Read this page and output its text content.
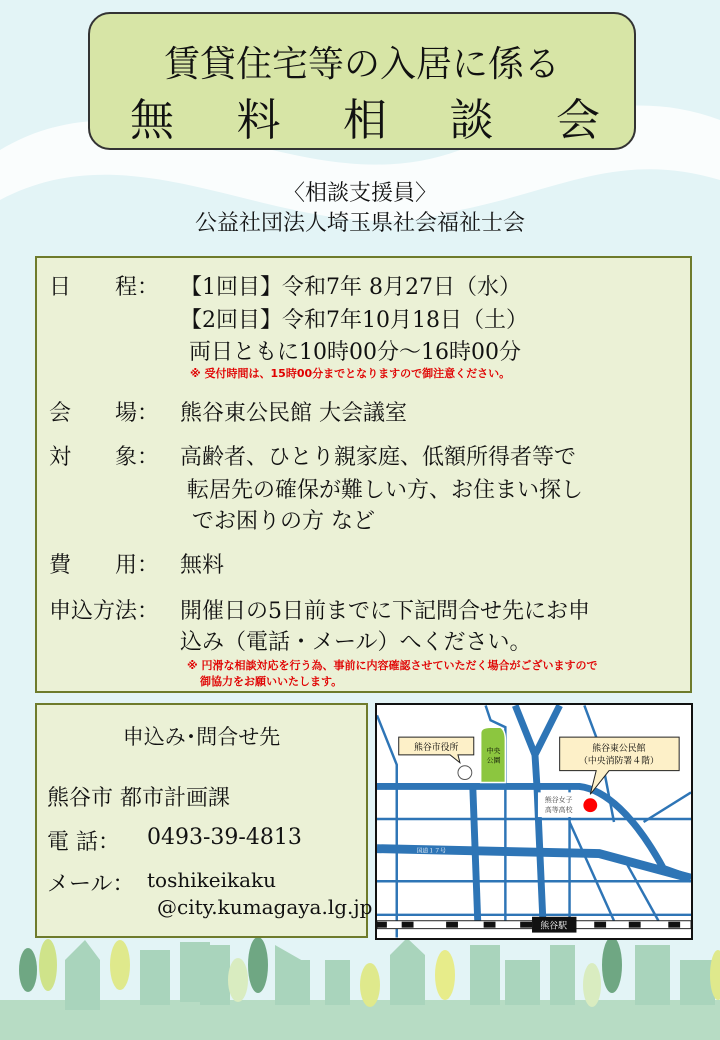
賃貸住宅等の入居に係る
無 料 相 談 会
〈相談支援員〉
公益社団法人埼玉県社会福祉士会
日　　程： 【1回目】令和7年 8月27日（水）
【2回目】令和7年10月18日（土）
両日ともに10時00分～16時00分
※ 受付時間は、15時00分までとなりますので御注意ください。
会　　場： 熊谷東公民館 大会議室
対　　象： 高齢者、ひとり親家庭、低額所得者等で
転居先の確保が難しい方、お住まい探し
でお困りの方 など
費　　用： 無料
申込方法： 開催日の5日前までに下記問合せ先にお申
込み（電話・メール）へください。
※ 円滑な相談対応を行う為、事前に内容確認させていただく場合がございますので
御協力をお願いいたします。
申込み･問合せ先
熊谷市 都市計画課
電 話： 0493-39-4813
メール： toshikeikaku
@city.kumagaya.lg.jp
国道１７号
中央
公園
熊谷女子
高等高校
熊谷市役所	熊谷東公民館
（中央消防署４階）
熊谷駅
